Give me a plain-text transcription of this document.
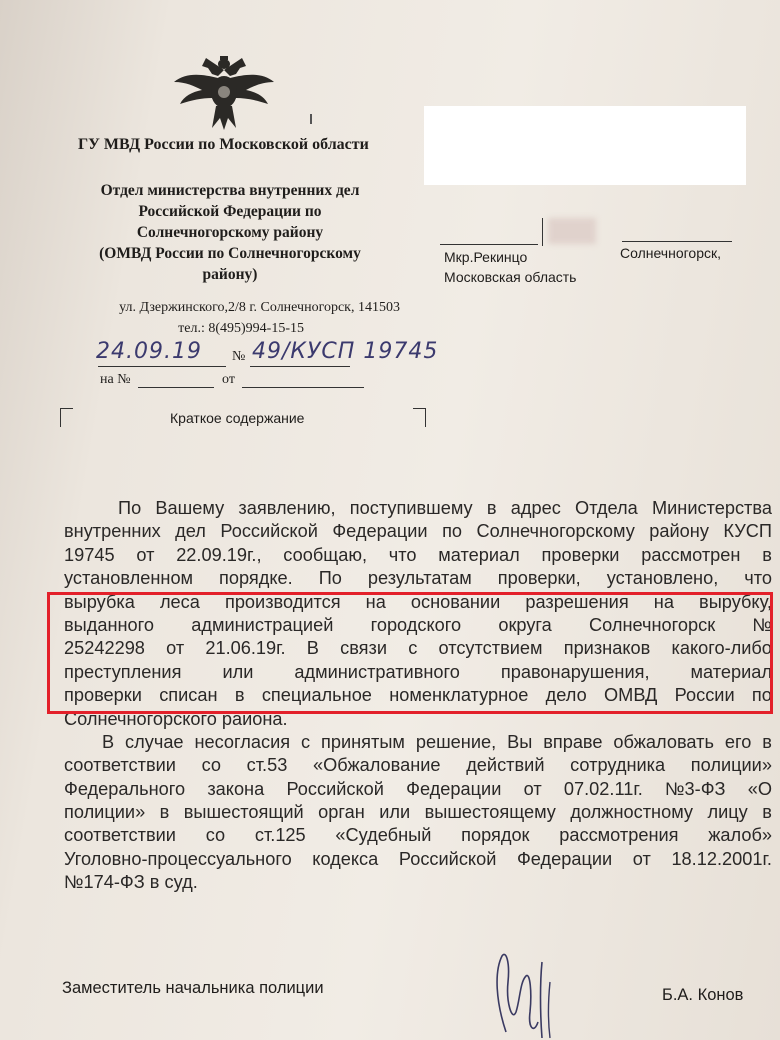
ГУ МВД России по Московской области
Отдел министерства внутренних дел
Российской Федерации по
Солнечногорскому району
(ОМВД России по Солнечногорскому
району)
ул. Дзержинского,2/8 г. Солнечногорск, 141503
тел.: 8(495)994-15-15
Мкр.Рекинцо	Солнечногорск,
Московская область
24.09.19 № 49/КУСП 19745
на №	от
Краткое содержание
По Вашему заявлению, поступившему в адрес Отдела Министерства
внутренних дел Российской Федерации по Солнечногорскому району КУСП
19745 от 22.09.19г., сообщаю, что материал проверки рассмотрен в
установленном порядке. По результатам проверки, установлено, что
вырубка леса производится на основании разрешения на вырубку,
выданного администрацией городского округа Солнечногорск №
25242298 от 21.06.19г. В связи с отсутствием признаков какого-либо
преступления или административного правонарушения, материал
проверки списан в специальное номенклатурное дело ОМВД России по
Солнечногорского района.
В случае несогласия с принятым решение, Вы вправе обжаловать его в
соответствии со ст.53 «Обжалование действий сотрудника полиции»
Федерального закона Российской Федерации от 07.02.11г. №3-ФЗ «О
полиции» в вышестоящий орган или вышестоящему должностному лицу в
соответствии со ст.125 «Судебный порядок рассмотрения жалоб»
Уголовно-процессуального кодекса Российской Федерации от 18.12.2001г.
№174-ФЗ в суд.
Заместитель начальника полиции	Б.А. Конов
